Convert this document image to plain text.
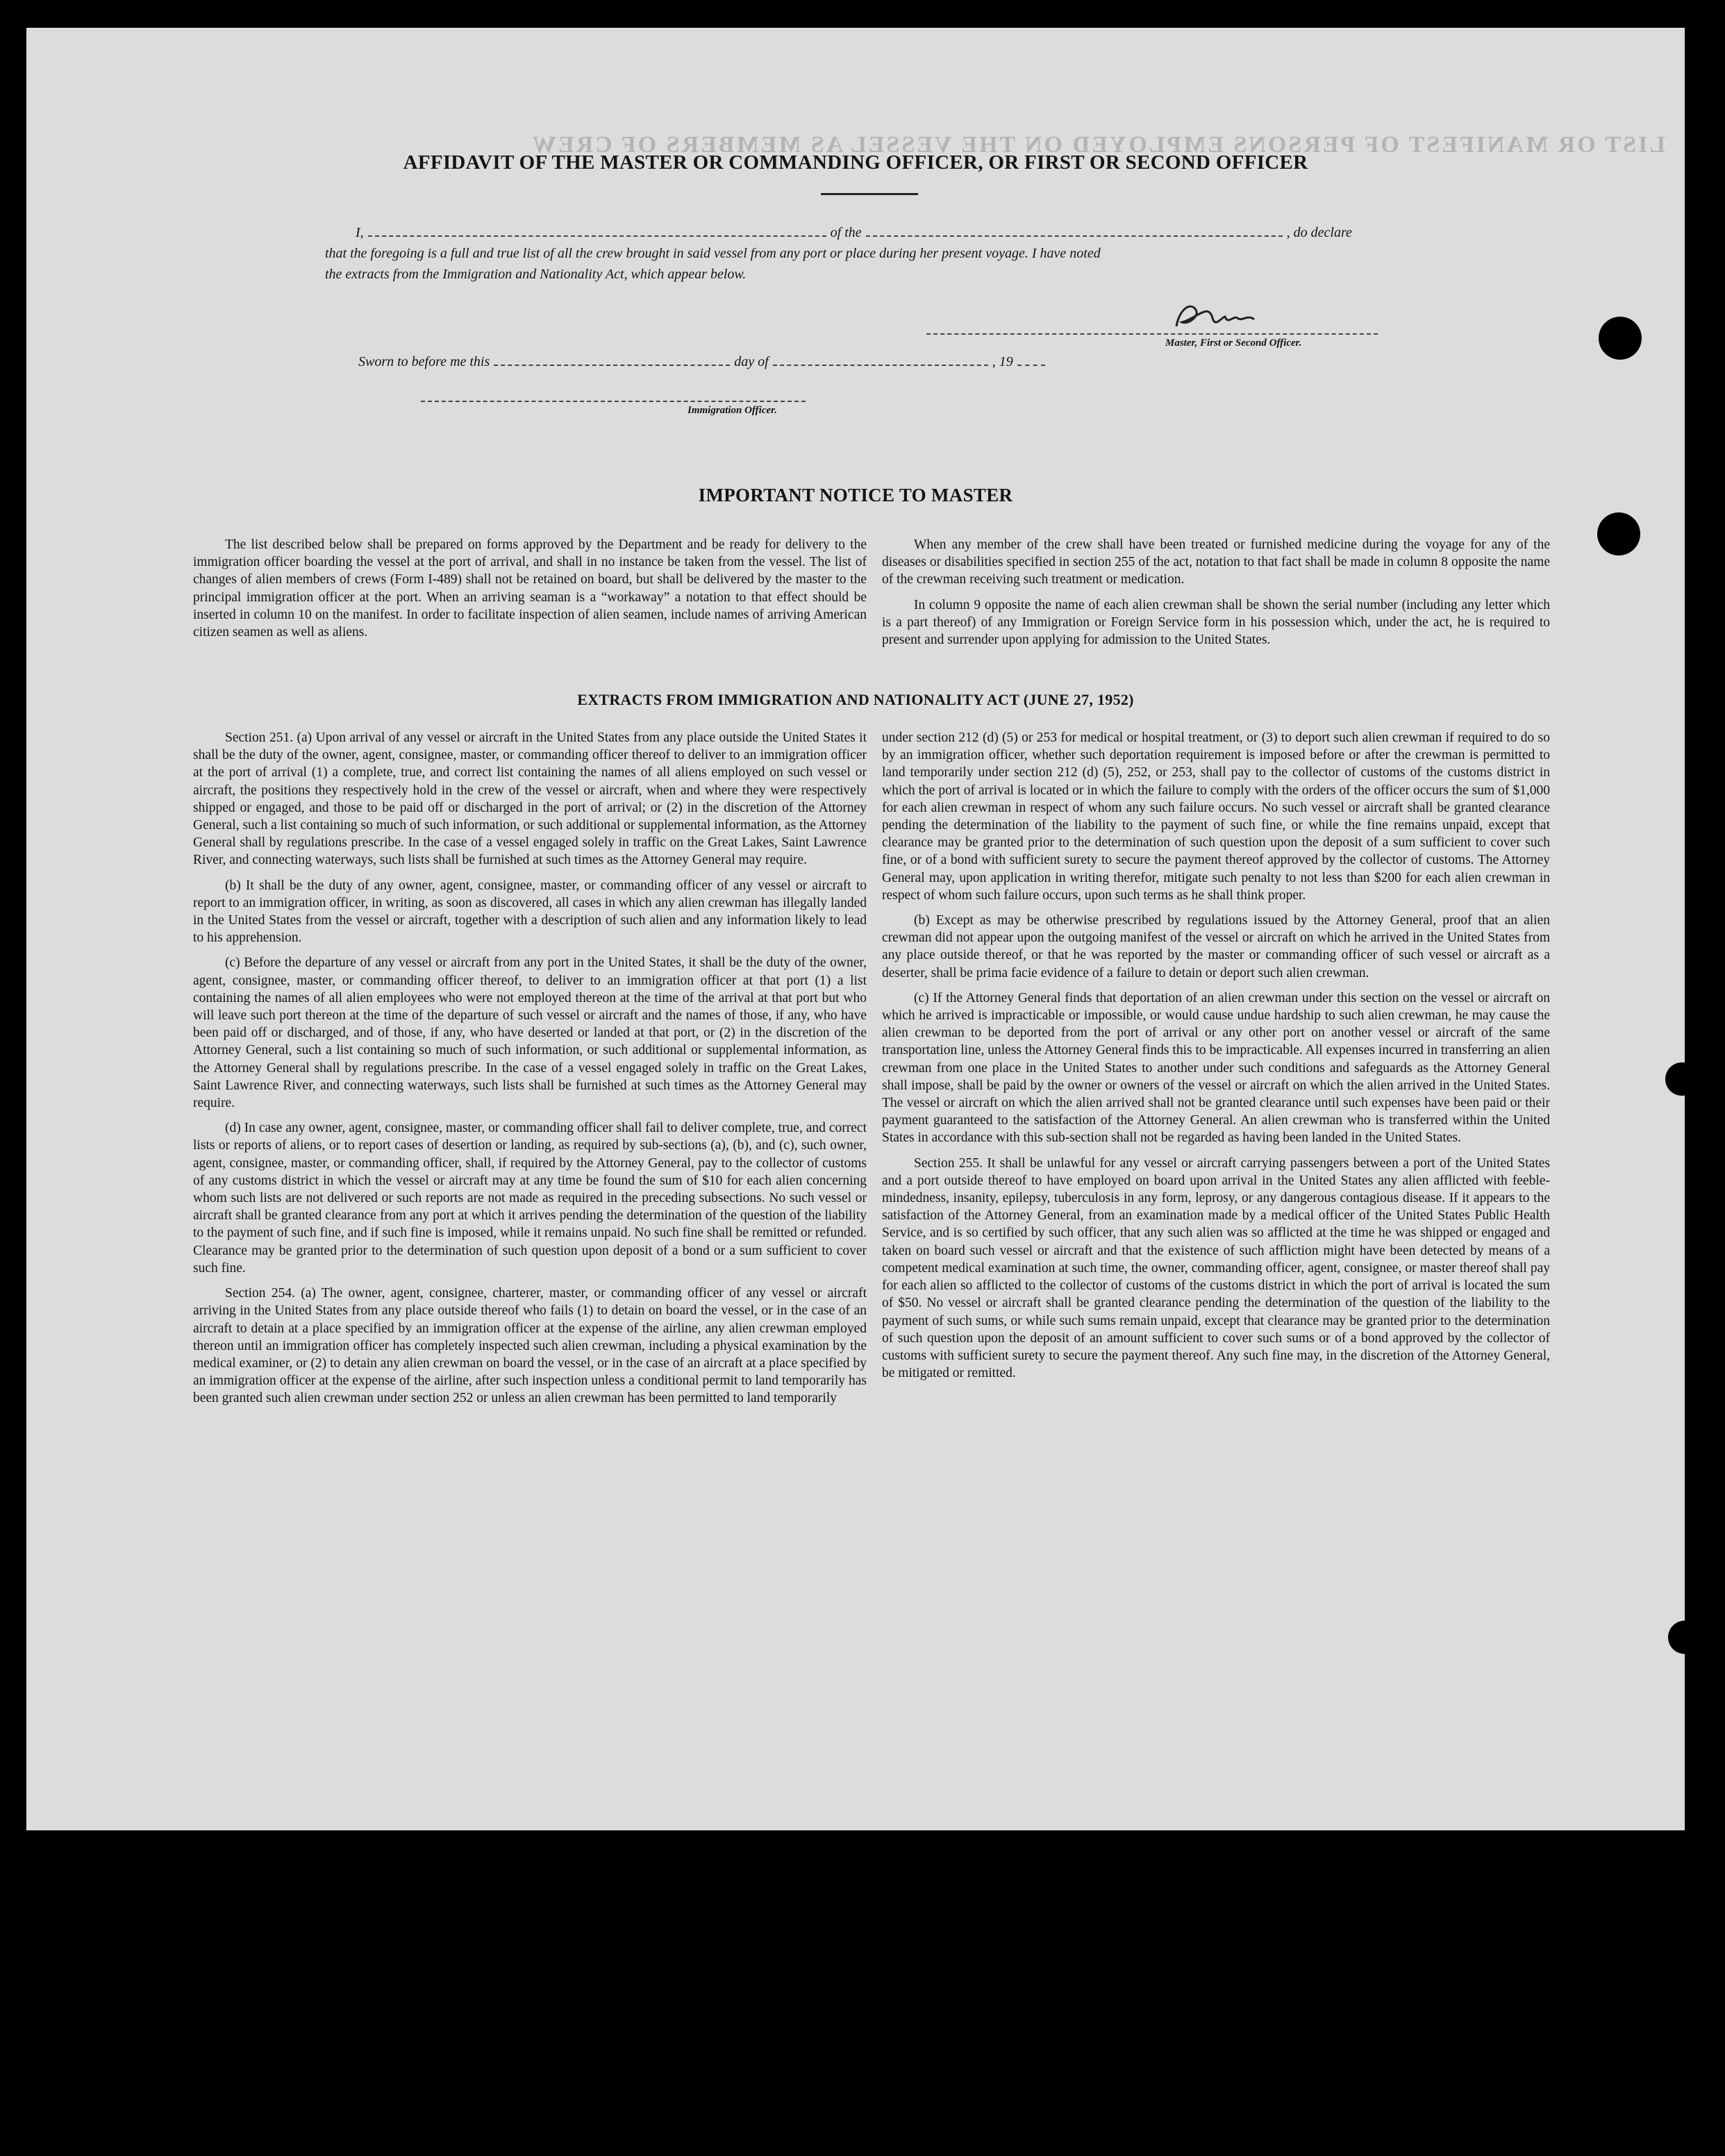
LIST OR MANIFEST OF PERSONS EMPLOYED ON THE VESSEL AS MEMBERS OF CREW
AFFIDAVIT OF THE MASTER OR COMMANDING OFFICER, OR FIRST OR SECOND OFFICER
I,	of the	, do declare
that the foregoing is a full and true list of all the crew brought in said vessel from any port or place during her present voyage. I have noted
the extracts from the Immigration and Nationality Act, which appear below.
Master, First or Second Officer.
Sworn to before me this	day of	, 19
Immigration Officer.
IMPORTANT NOTICE TO MASTER

The list described below shall be prepared on forms approved by the Department and be ready for delivery to the immigration officer boarding the vessel at the port of arrival, and shall in no instance be taken from the vessel. The list of changes of alien members of crews (Form I-489) shall not be retained on board, but shall be delivered by the master to the principal immigration officer at the port. When an arriving seaman is a “workaway” a notation to that effect should be inserted in column 10 on the manifest. In order to facilitate inspection of alien seamen, include names of arriving American citizen seamen as well as aliens.

When any member of the crew shall have been treated or furnished medicine during the voyage for any of the diseases or disabilities specified in section 255 of the act, notation to that fact shall be made in column 8 opposite the name of the crewman receiving such treatment or medication.

In column 9 opposite the name of each alien crewman shall be shown the serial number (including any letter which is a part thereof) of any Immigration or Foreign Service form in his possession which, under the act, he is required to present and surrender upon applying for admission to the United States.

EXTRACTS FROM IMMIGRATION AND NATIONALITY ACT (JUNE 27, 1952)

Section 251. (a) Upon arrival of any vessel or aircraft in the United States from any place outside the United States it shall be the duty of the owner, agent, consignee, master, or commanding officer thereof to deliver to an immigration officer at the port of arrival (1) a complete, true, and correct list containing the names of all aliens employed on such vessel or aircraft, the positions they respectively hold in the crew of the vessel or aircraft, when and where they were respectively shipped or engaged, and those to be paid off or discharged in the port of arrival; or (2) in the discretion of the Attorney General, such a list containing so much of such information, or such additional or supplemental information, as the Attorney General shall by regulations prescribe. In the case of a vessel engaged solely in traffic on the Great Lakes, Saint Lawrence River, and connecting waterways, such lists shall be furnished at such times as the Attorney General may require.

(b) It shall be the duty of any owner, agent, consignee, master, or commanding officer of any vessel or aircraft to report to an immigration officer, in writing, as soon as discovered, all cases in which any alien crewman has illegally landed in the United States from the vessel or aircraft, together with a description of such alien and any information likely to lead to his apprehension.

(c) Before the departure of any vessel or aircraft from any port in the United States, it shall be the duty of the owner, agent, consignee, master, or commanding officer thereof, to deliver to an immigration officer at that port (1) a list containing the names of all alien employees who were not employed thereon at the time of the arrival at that port but who will leave such port thereon at the time of the departure of such vessel or aircraft and the names of those, if any, who have been paid off or discharged, and of those, if any, who have deserted or landed at that port, or (2) in the discretion of the Attorney General, such a list containing so much of such information, or such additional or supplemental information, as the Attorney General shall by regulations prescribe. In the case of a vessel engaged solely in traffic on the Great Lakes, Saint Lawrence River, and connecting waterways, such lists shall be furnished at such times as the Attorney General may require.

(d) In case any owner, agent, consignee, master, or commanding officer shall fail to deliver complete, true, and correct lists or reports of aliens, or to report cases of desertion or landing, as required by sub-sections (a), (b), and (c), such owner, agent, consignee, master, or commanding officer, shall, if required by the Attorney General, pay to the collector of customs of any customs district in which the vessel or aircraft may at any time be found the sum of $10 for each alien concerning whom such lists are not delivered or such reports are not made as required in the preceding subsections. No such vessel or aircraft shall be granted clearance from any port at which it arrives pending the determination of the question of the liability to the payment of such fine, and if such fine is imposed, while it remains unpaid. No such fine shall be remitted or refunded. Clearance may be granted prior to the determination of such question upon deposit of a bond or a sum sufficient to cover such fine.

Section 254. (a) The owner, agent, consignee, charterer, master, or commanding officer of any vessel or aircraft arriving in the United States from any place outside thereof who fails (1) to detain on board the vessel, or in the case of an aircraft to detain at a place specified by an immigration officer at the expense of the airline, any alien crewman employed thereon until an immigration officer has completely inspected such alien crewman, including a physical examination by the medical examiner, or (2) to detain any alien crewman on board the vessel, or in the case of an aircraft at a place specified by an immigration officer at the expense of the airline, after such inspection unless a conditional permit to land temporarily has been granted such alien crewman under section 252 or unless an alien crewman has been permitted to land temporarily

under section 212 (d) (5) or 253 for medical or hospital treatment, or (3) to deport such alien crewman if required to do so by an immigration officer, whether such deportation requirement is imposed before or after the crewman is permitted to land temporarily under section 212 (d) (5), 252, or 253, shall pay to the collector of customs of the customs district in which the port of arrival is located or in which the failure to comply with the orders of the officer occurs the sum of $1,000 for each alien crewman in respect of whom any such failure occurs. No such vessel or aircraft shall be granted clearance pending the determination of the liability to the payment of such fine, or while the fine remains unpaid, except that clearance may be granted prior to the determination of such question upon the deposit of a sum sufficient to cover such fine, or of a bond with sufficient surety to secure the payment thereof approved by the collector of customs. The Attorney General may, upon application in writing therefor, mitigate such penalty to not less than $200 for each alien crewman in respect of whom such failure occurs, upon such terms as he shall think proper.

(b) Except as may be otherwise prescribed by regulations issued by the Attorney General, proof that an alien crewman did not appear upon the outgoing manifest of the vessel or aircraft on which he arrived in the United States from any place outside thereof, or that he was reported by the master or commanding officer of such vessel or aircraft as a deserter, shall be prima facie evidence of a failure to detain or deport such alien crewman.

(c) If the Attorney General finds that deportation of an alien crewman under this section on the vessel or aircraft on which he arrived is impracticable or impossible, or would cause undue hardship to such alien crewman, he may cause the alien crewman to be deported from the port of arrival or any other port on another vessel or aircraft of the same transportation line, unless the Attorney General finds this to be impracticable. All expenses incurred in transferring an alien crewman from one place in the United States to another under such conditions and safeguards as the Attorney General shall impose, shall be paid by the owner or owners of the vessel or aircraft on which the alien arrived in the United States. The vessel or aircraft on which the alien arrived shall not be granted clearance until such expenses have been paid or their payment guaranteed to the satisfaction of the Attorney General. An alien crewman who is transferred within the United States in accordance with this sub-section shall not be regarded as having been landed in the United States.

Section 255. It shall be unlawful for any vessel or aircraft carrying passengers between a port of the United States and a port outside thereof to have employed on board upon arrival in the United States any alien afflicted with feeble-mindedness, insanity, epilepsy, tuberculosis in any form, leprosy, or any dangerous contagious disease. If it appears to the satisfaction of the Attorney General, from an examination made by a medical officer of the United States Public Health Service, and is so certified by such officer, that any such alien was so afflicted at the time he was shipped or engaged and taken on board such vessel or aircraft and that the existence of such affliction might have been detected by means of a competent medical examination at such time, the owner, commanding officer, agent, consignee, or master thereof shall pay for each alien so afflicted to the collector of customs of the customs district in which the port of arrival is located the sum of $50. No vessel or aircraft shall be granted clearance pending the determination of the question of the liability to the payment of such sums, or while such sums remain unpaid, except that clearance may be granted prior to the determination of such question upon the deposit of an amount sufficient to cover such sums or of a bond approved by the collector of customs with sufficient surety to secure the payment thereof. Any such fine may, in the discretion of the Attorney General, be mitigated or remitted.
